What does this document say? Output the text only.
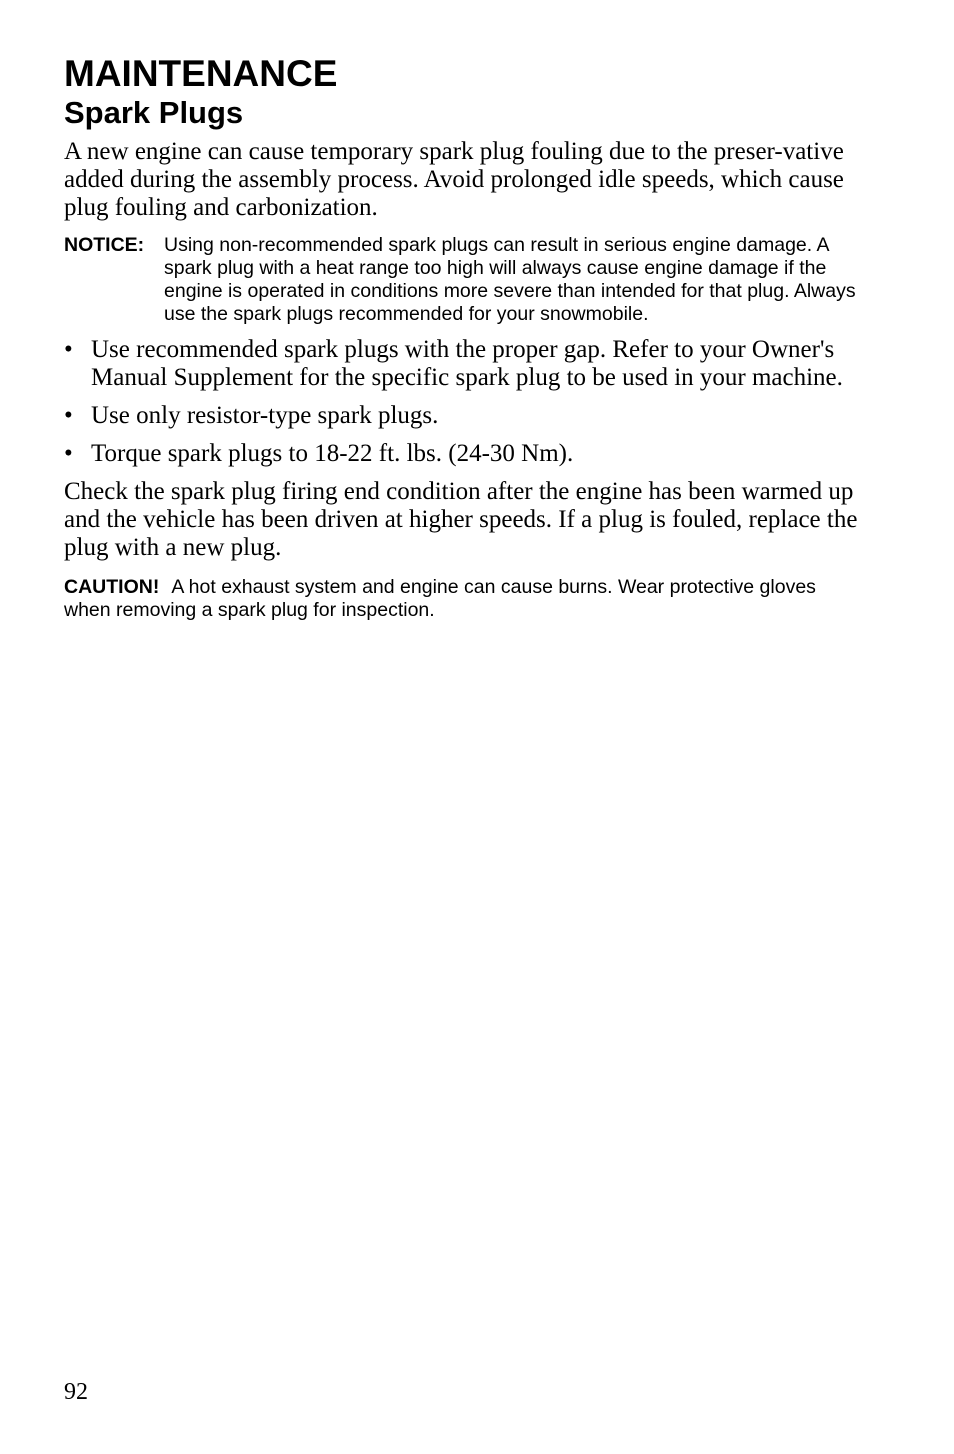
MAINTENANCE
Spark Plugs

A new engine can cause temporary spark plug fouling due to the preser-vative added during the assembly process. Avoid prolonged idle speeds, which cause plug fouling and carbonization.

NOTICE:	Using non-recommended spark plugs can result in serious engine damage. A spark plug with a heat range too high will always cause engine damage if the engine is operated in conditions more severe than intended for that plug. Always use the spark plugs recommended for your snowmobile.
• Use recommended spark plugs with the proper gap. Refer to your Owner's Manual Supplement for the specific spark plug to be used in your machine.
• Use only resistor-type spark plugs.
• Torque spark plugs to 18-22 ft. lbs. (24-30 Nm).

Check the spark plug firing end condition after the engine has been warmed up and the vehicle has been driven at higher speeds. If a plug is fouled, replace the plug with a new plug.

CAUTION! A hot exhaust system and engine can cause burns. Wear protective gloves when removing a spark plug for inspection.
92
